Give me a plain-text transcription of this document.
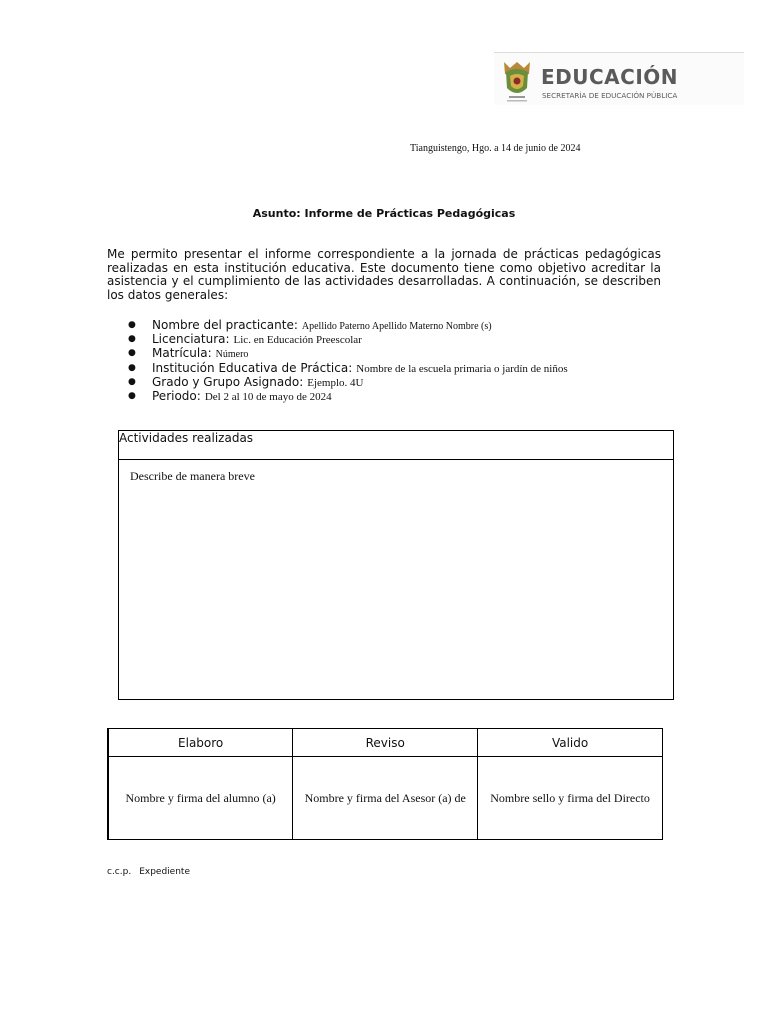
EDUCACIÓN
SECRETARÍA DE EDUCACIÓN PÚBLICA
Tianguistengo, Hgo. a 14 de junio de 2024
Asunto: Informe de Prácticas Pedagógicas

Me permito presentar el informe correspondiente a la jornada de prácticas pedagógicas realizadas en esta institución educativa. Este documento tiene como objetivo acreditar la asistencia y el cumplimiento de las actividades desarrolladas. A continuación, se describen los datos generales:

● Nombre del practicante: Apellido Paterno Apellido Materno Nombre (s)
● Licenciatura: Lic. en Educación Preescolar
● Matrícula: Número
● Institución Educativa de Práctica: Nombre de la escuela primaria o jardín de niños
● Grado y Grupo Asignado: Ejemplo. 4U
● Periodo: Del 2 al 10 de mayo de 2024
Actividades realizadas
Describe de manera breve
Elaboro	Reviso	Valido
Nombre y firma del alumno (a)	Nombre y firma del Asesor (a) de	Nombre sello y firma del Directo
c.c.p. Expediente
